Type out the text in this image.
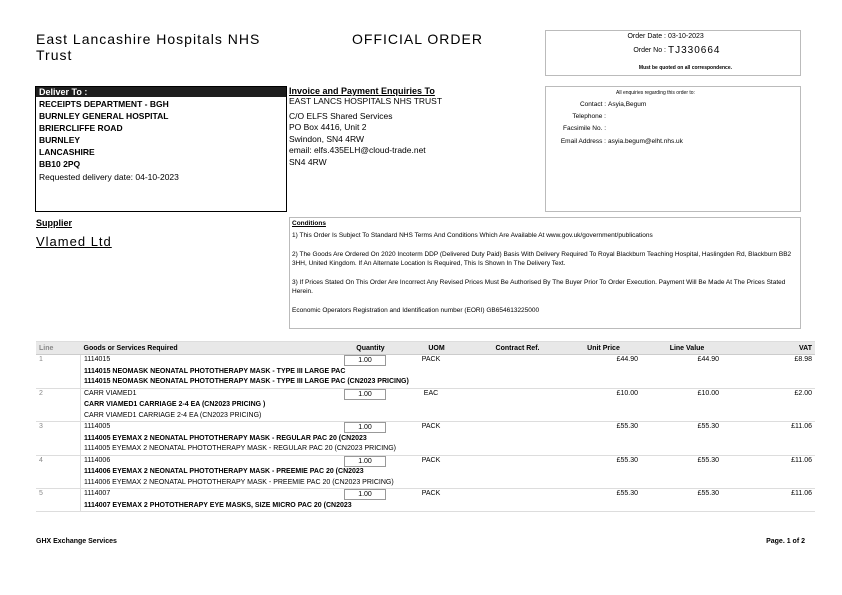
East Lancashire Hospitals NHS Trust
OFFICIAL ORDER	Order Date : 03-10-2023
Order No : TJ330664
Must be quoted on all correspondence.
Deliver To :
RECEIPTS DEPARTMENT - BGH
BURNLEY GENERAL HOSPITAL
BRIERCLIFFE ROAD
BURNLEY
LANCASHIRE
BB10 2PQ
Requested delivery date: 04-10-2023
Invoice and Payment Enquiries To
EAST LANCS HOSPITALS NHS TRUST
C/O ELFS Shared Services
PO Box 4416, Unit 2
Swindon, SN4 4RW
email: elfs.435ELH@cloud-trade.net
SN4 4RW
All enquiries regarding this order to:
Contact : Asyia,Begum
Telephone :
Facsimile No. :
Email Address : asyia.begum@elht.nhs.uk
Supplier
Vlamed Ltd
Conditions
1) This Order Is Subject To Standard NHS Terms And Conditions Which Are Available At www.gov.uk/government/publications
2) The Goods Are Ordered On 2020 Incoterm DDP (Delivered Duty Paid) Basis With Delivery Required To Royal Blackburn Teaching Hospital, Haslingden Rd, Blackburn BB2 3HH, United Kingdom. If An Alternate Location Is Required, This Is Shown In The Delivery Text.
3) If Prices Stated On This Order Are Incorrect Any Revised Prices Must Be Authorised By The Buyer Prior To Order Execution. Payment Will Be Made At The Prices Stated Herein.
Economic Operators Registration and Identification number (EORI) GB654613225000
Line	Goods or Services Required	Quantity	UOM	Contract Ref.	Unit Price	Line Value	VAT
1		1114015	1.00	PACK		£44.90	£44.90	£8.98
1114015 NEOMASK NEONATAL PHOTOTHERAPY MASK - TYPE III LARGE PAC
1114015 NEOMASK NEONATAL PHOTOTHERAPY MASK - TYPE III LARGE PAC (CN2023 PRICING)

2		CARR VIAMED1	1.00	EAC		£10.00	£10.00	£2.00
CARR VIAMED1 CARRIAGE 2-4 EA (CN2023 PRICING )
CARR VIAMED1 CARRIAGE 2-4 EA (CN2023 PRICING)

3		1114005	1.00	PACK		£55.30	£55.30	£11.06
1114005 EYEMAX 2 NEONATAL PHOTOTHERAPY MASK - REGULAR PAC 20 (CN2023
1114005 EYEMAX 2 NEONATAL PHOTOTHERAPY MASK - REGULAR PAC 20 (CN2023 PRICING)

4		1114006	1.00	PACK		£55.30	£55.30	£11.06
1114006 EYEMAX 2 NEONATAL PHOTOTHERAPY MASK - PREEMIE PAC 20 (CN2023
1114006 EYEMAX 2 NEONATAL PHOTOTHERAPY MASK - PREEMIE PAC 20 (CN2023 PRICING)

5		1114007	1.00	PACK		£55.30	£55.30	£11.06
1114007 EYEMAX 2 PHOTOTHERAPY EYE MASKS, SIZE MICRO PAC 20 (CN2023
GHX Exchange Services	Page. 1 of 2
